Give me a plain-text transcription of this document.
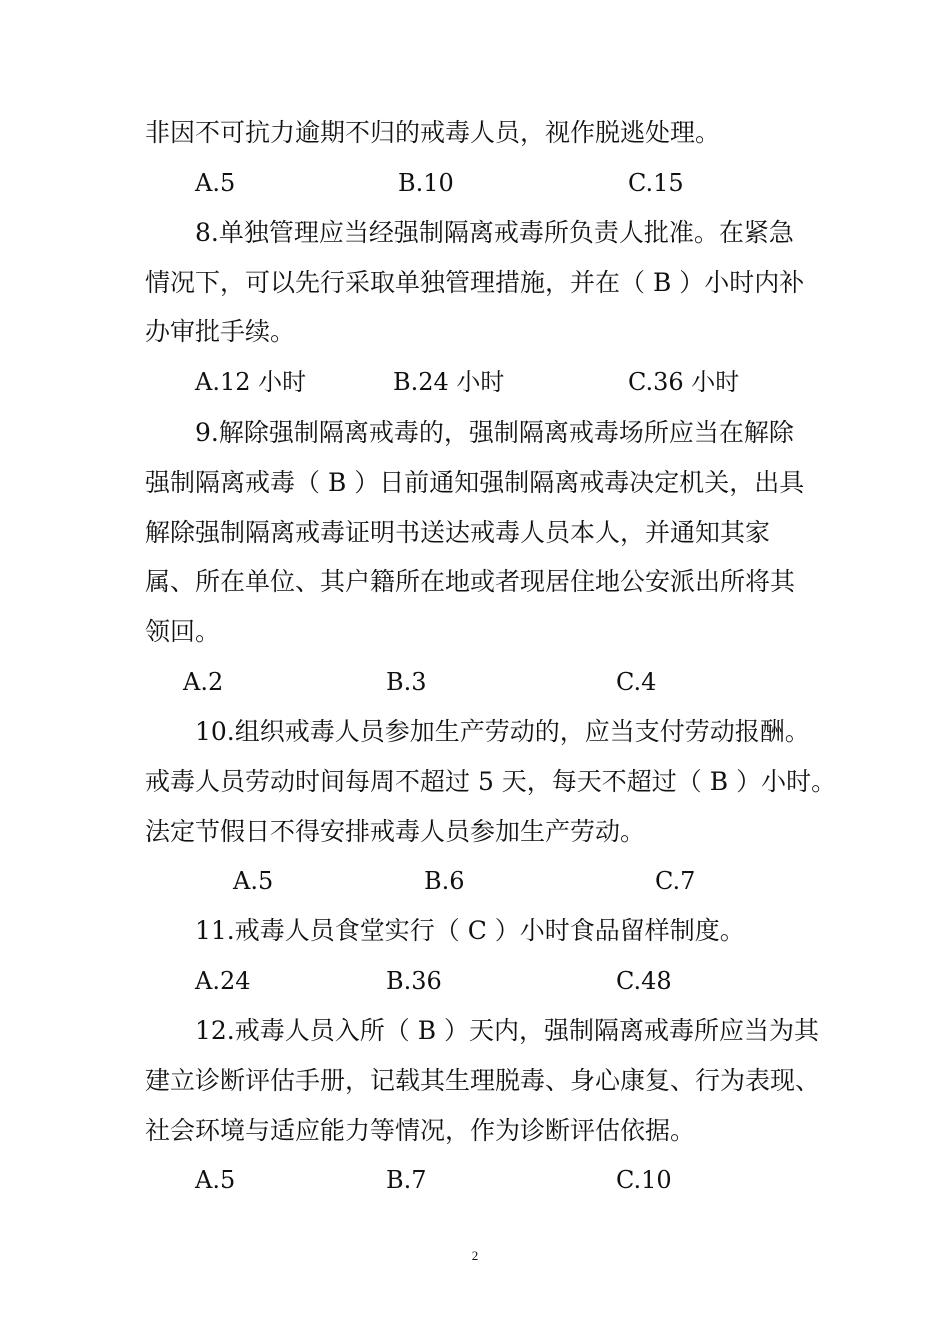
非因不可抗力逾期不归的戒毒人员，视作脱逃处理。
A.5	B.10	C.15
8.单独管理应当经强制隔离戒毒所负责人批准。在紧急
情况下，可以先行采取单独管理措施，并在（ B ）小时内补
办审批手续。
A.12 小时	B.24 小时	C.36 小时
9.解除强制隔离戒毒的，强制隔离戒毒场所应当在解除
强制隔离戒毒（ B ）日前通知强制隔离戒毒决定机关，出具
解除强制隔离戒毒证明书送达戒毒人员本人，并通知其家
属、所在单位、其户籍所在地或者现居住地公安派出所将其
领回。
A.2	B.3	C.4
10.组织戒毒人员参加生产劳动的，应当支付劳动报酬。
戒毒人员劳动时间每周不超过 5 天，每天不超过（ B ）小时。
法定节假日不得安排戒毒人员参加生产劳动。
A.5	B.6	C.7
11.戒毒人员食堂实行（ C ）小时食品留样制度。
A.24	B.36	C.48
12.戒毒人员入所（ B ）天内，强制隔离戒毒所应当为其
建立诊断评估手册，记载其生理脱毒、身心康复、行为表现、
社会环境与适应能力等情况，作为诊断评估依据。
A.5	B.7	C.10
2
